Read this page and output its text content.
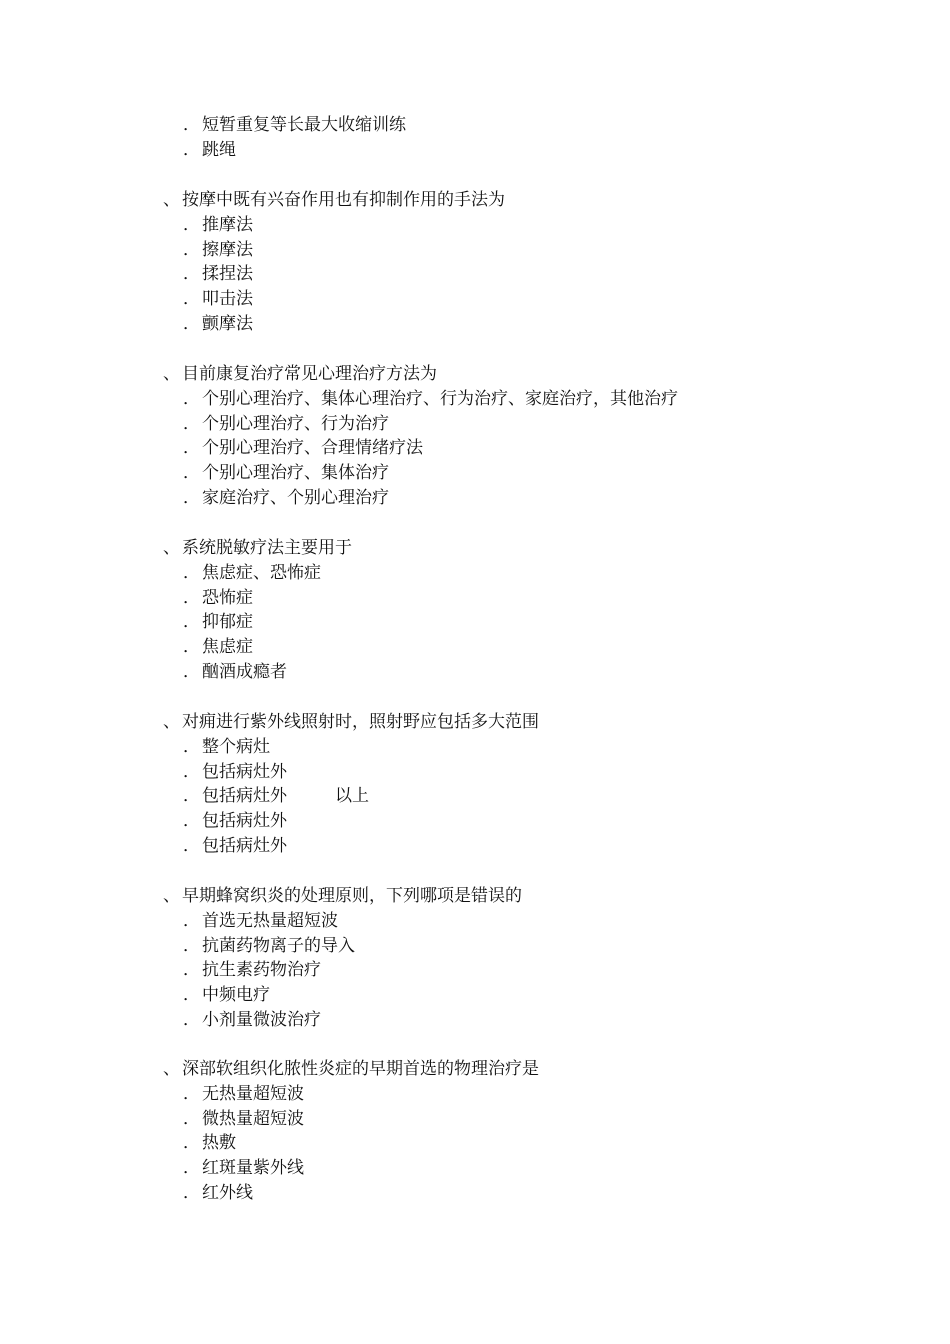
． 短暂重复等长最大收缩训练
． 跳绳
、 按摩中既有兴奋作用也有抑制作用的手法为
． 推摩法
． 擦摩法
． 揉捏法
． 叩击法
． 颤摩法
、 目前康复治疗常见心理治疗方法为
． 个别心理治疗、集体心理治疗、行为治疗、家庭治疗，其他治疗
． 个别心理治疗、行为治疗
． 个别心理治疗、合理情绪疗法
． 个别心理治疗、集体治疗
． 家庭治疗、个别心理治疗
、 系统脱敏疗法主要用于
． 焦虑症、恐怖症
． 恐怖症
． 抑郁症
． 焦虑症
． 酗酒成瘾者
、 对痈进行紫外线照射时，照射野应包括多大范围
． 整个病灶
． 包括病灶外
． 包括病灶外	以上
． 包括病灶外
． 包括病灶外
、 早期蜂窝织炎的处理原则，下列哪项是错误的
． 首选无热量超短波
． 抗菌药物离子的导入
． 抗生素药物治疗
． 中频电疗
． 小剂量微波治疗
、 深部软组织化脓性炎症的早期首选的物理治疗是
． 无热量超短波
． 微热量超短波
． 热敷
． 红斑量紫外线
． 红外线
